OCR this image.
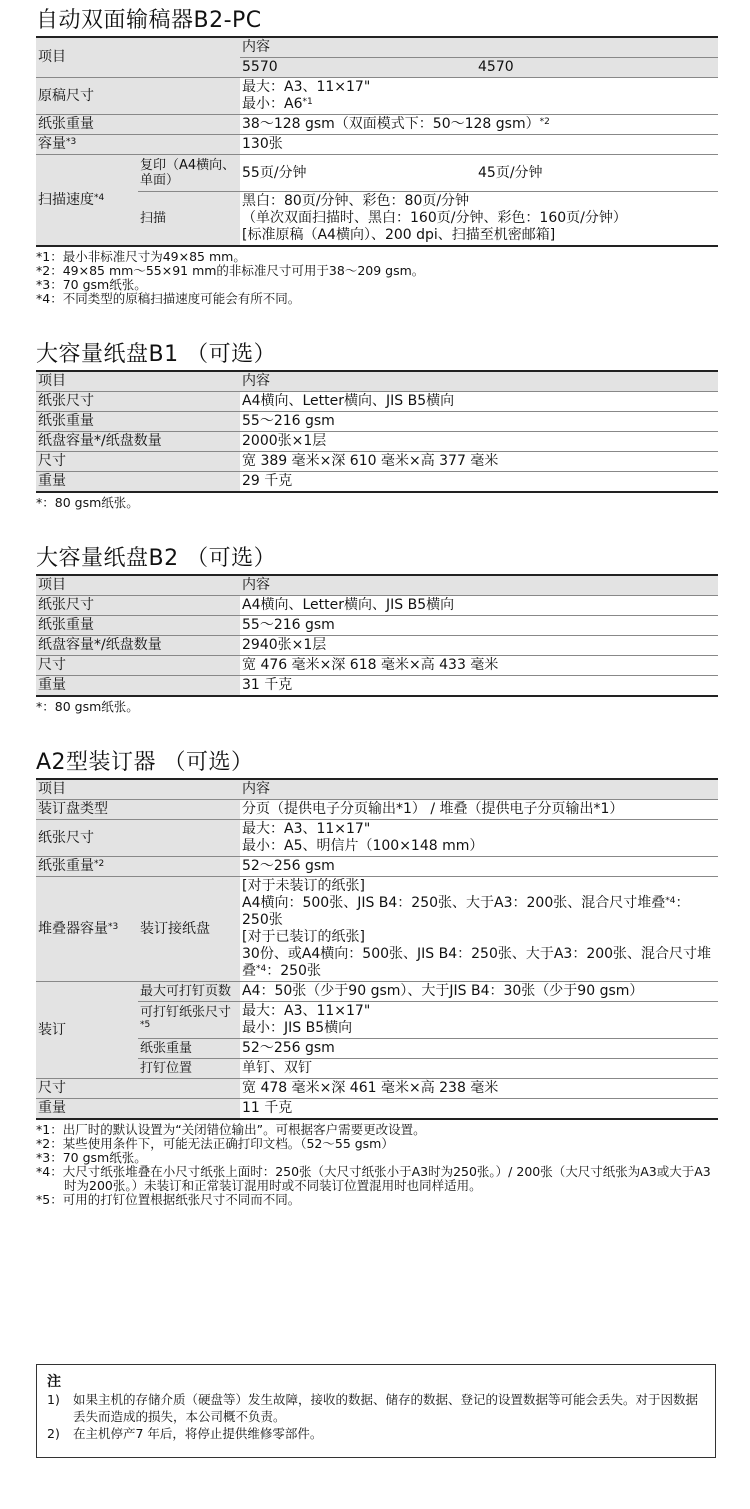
自动双面输稿器B2-PC
项目		内容	
		5570	4570
原稿尺寸		最大：A3、11×17"
最小：A6$^{*1}$

纸张重量		38～128 gsm（双面模式下：50～128 gsm）$^{*2}$
容量$^{*3}$		130张	
扫描速度$^{*4}$	复印（A4横向、单面）	55页/分钟	45页/分钟
	扫描	黑白：80页/分钟、彩色：80页/分钟
（单次双面扫描时、黑白：160页/分钟、彩色：160页/分钟）
[标准原稿（A4横向）、200 dpi、扫描至机密邮箱]	
*1：最小非标准尺寸为49×85 mm。
*2：49×85 mm～55×91 mm的非标准尺寸可用于38～209 gsm。
*3：70 gsm纸张。
*4：不同类型的原稿扫描速度可能会有所不同。
大容量纸盘B1 （可选）
项目	内容
纸张尺寸	A4横向、Letter横向、JIS B5横向
纸张重量	55～216 gsm
纸盘容量*/纸盘数量	2000张×1层
尺寸	宽 389 毫米×深 610 毫米×高 377 毫米
重量	29 千克
*：80 gsm纸张。
大容量纸盘B2 （可选）
项目	内容
纸张尺寸	A4横向、Letter横向、JIS B5横向
纸张重量	55～216 gsm
纸盘容量*/纸盘数量	2940张×1层
尺寸	宽 476 毫米×深 618 毫米×高 433 毫米
重量	31 千克
*：80 gsm纸张。
A2型装订器 （可选）
项目		内容
装订盘类型		分页（提供电子分页输出*1） / 堆叠（提供电子分页输出*1）
纸张尺寸		最大：A3、11×17"
最小：A5、明信片（100×148 mm）

纸张重量$^{*2}$		52～256 gsm
堆叠器容量$^{*3}$	装订接纸盘	[对于未装订的纸张]
A4横向：500张、JIS B4：250张、大于A3：200张、混合尺寸堆叠$^{*4}$：250张
[对于已装订的纸张]
30份、或A4横向：500张、JIS B4：250张、大于A3：200张、混合尺寸堆叠$^{*4}$：250张

装订	最大可打钉页数	A4：50张（少于90 gsm）、大于JIS B4：30张（少于90 gsm）
	可打钉纸张尺寸$^{*5}$	最大：A3、11×17"
最小：JIS B5横向

	纸张重量	52～256 gsm
	打钉位置	单钉、双钉
尺寸		宽 478 毫米×深 461 毫米×高 238 毫米
重量		11 千克
*1：出厂时的默认设置为“关闭错位输出”。可根据客户需要更改设置。
*2：某些使用条件下，可能无法正确打印文档。（52～55 gsm）
*3：70 gsm纸张。
*4：大尺寸纸张堆叠在小尺寸纸张上面时：250张（大尺寸纸张小于A3时为250张。）/ 200张（大尺寸纸张为A3或大于A3时为200张。）未装订和正常装订混用时或不同装订位置混用时也同样适用。
*5：可用的打钉位置根据纸张尺寸不同而不同。
注
1)	如果主机的存储介质（硬盘等）发生故障，接收的数据、储存的数据、登记的设置数据等可能会丢失。对于因数据丢失而造成的损失，本公司概不负责。
2)	在主机停产7 年后，将停止提供维修零部件。
